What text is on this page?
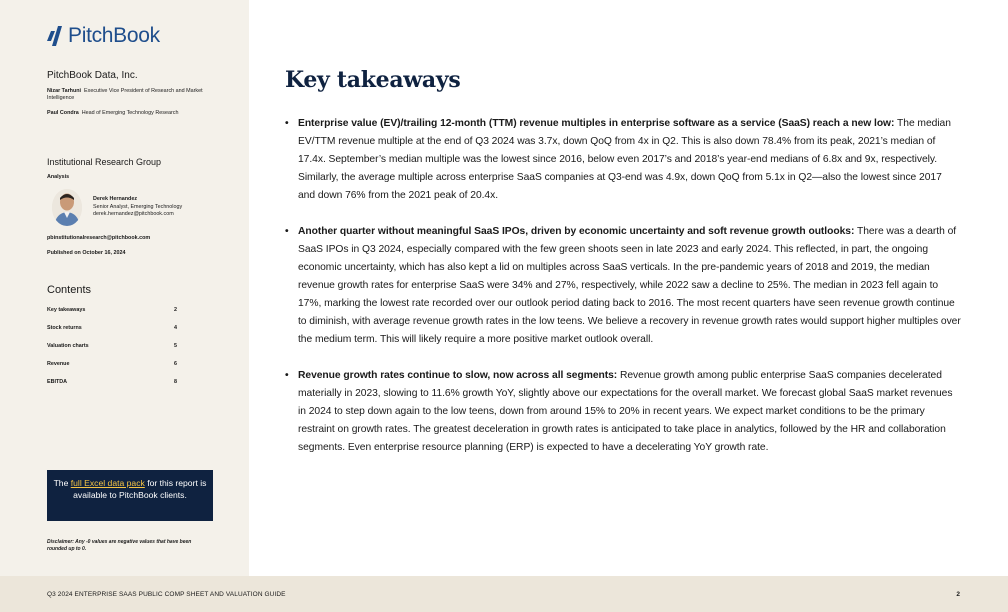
PitchBook
PitchBook Data, Inc.
Nizar Tarhuni Executive Vice President of Research and Market Intelligence
Paul Condra Head of Emerging Technology Research
Institutional Research Group
Analysis
Derek Hernandez
Senior Analyst, Emerging Technology
derek.hernandez@pitchbook.com
pbinstitutionalresearch@pitchbook.com
Published on October 16, 2024
Contents
Key takeaways	2
Stock returns	4
Valuation charts	5
Revenue	6
EBITDA	8
The full Excel data pack for this report is available to PitchBook clients.
Disclaimer: Any -0 values are negative values that have been rounded up to 0.
Key takeaways
• Enterprise value (EV)/trailing 12-month (TTM) revenue multiples in enterprise software as a service (SaaS) reach a new low: The median EV/TTM revenue multiple at the end of Q3 2024 was 3.7x, down QoQ from 4x in Q2. This is also down 78.4% from its peak, 2021’s median of 17.4x. September’s median multiple was the lowest since 2016, below even 2017’s and 2018’s year-end medians of 6.8x and 9x, respectively. Similarly, the average multiple across enterprise SaaS companies at Q3-end was 4.9x, down QoQ from 5.1x in Q2—also the lowest since 2017 and down 76% from the 2021 peak of 20.4x.
• Another quarter without meaningful SaaS IPOs, driven by economic uncertainty and soft revenue growth outlooks: There was a dearth of SaaS IPOs in Q3 2024, especially compared with the few green shoots seen in late 2023 and early 2024. This reflected, in part, the ongoing economic uncertainty, which has also kept a lid on multiples across SaaS verticals. In the pre-pandemic years of 2018 and 2019, the median revenue growth rates for enterprise SaaS were 34% and 27%, respectively, while 2022 saw a decline to 25%. The median in 2023 fell again to 17%, marking the lowest rate recorded over our outlook period dating back to 2016. The most recent quarters have seen revenue growth continue to diminish, with average revenue growth rates in the low teens. We believe a recovery in revenue growth rates would support higher multiples over the medium term. This will likely require a more positive market outlook overall.
• Revenue growth rates continue to slow, now across all segments: Revenue growth among public enterprise SaaS companies decelerated materially in 2023, slowing to 11.6% growth YoY, slightly above our expectations for the overall market. We forecast global SaaS market revenues in 2024 to step down again to the low teens, down from around 15% to 20% in recent years. We expect market conditions to be the primary restraint on growth rates. The greatest deceleration in growth rates is anticipated to take place in analytics, followed by the HR and collaboration segments. Even enterprise resource planning (ERP) is expected to have a decelerating YoY growth rate.
Q3 2024 ENTERPRISE SAAS PUBLIC COMP SHEET AND VALUATION GUIDE	2
